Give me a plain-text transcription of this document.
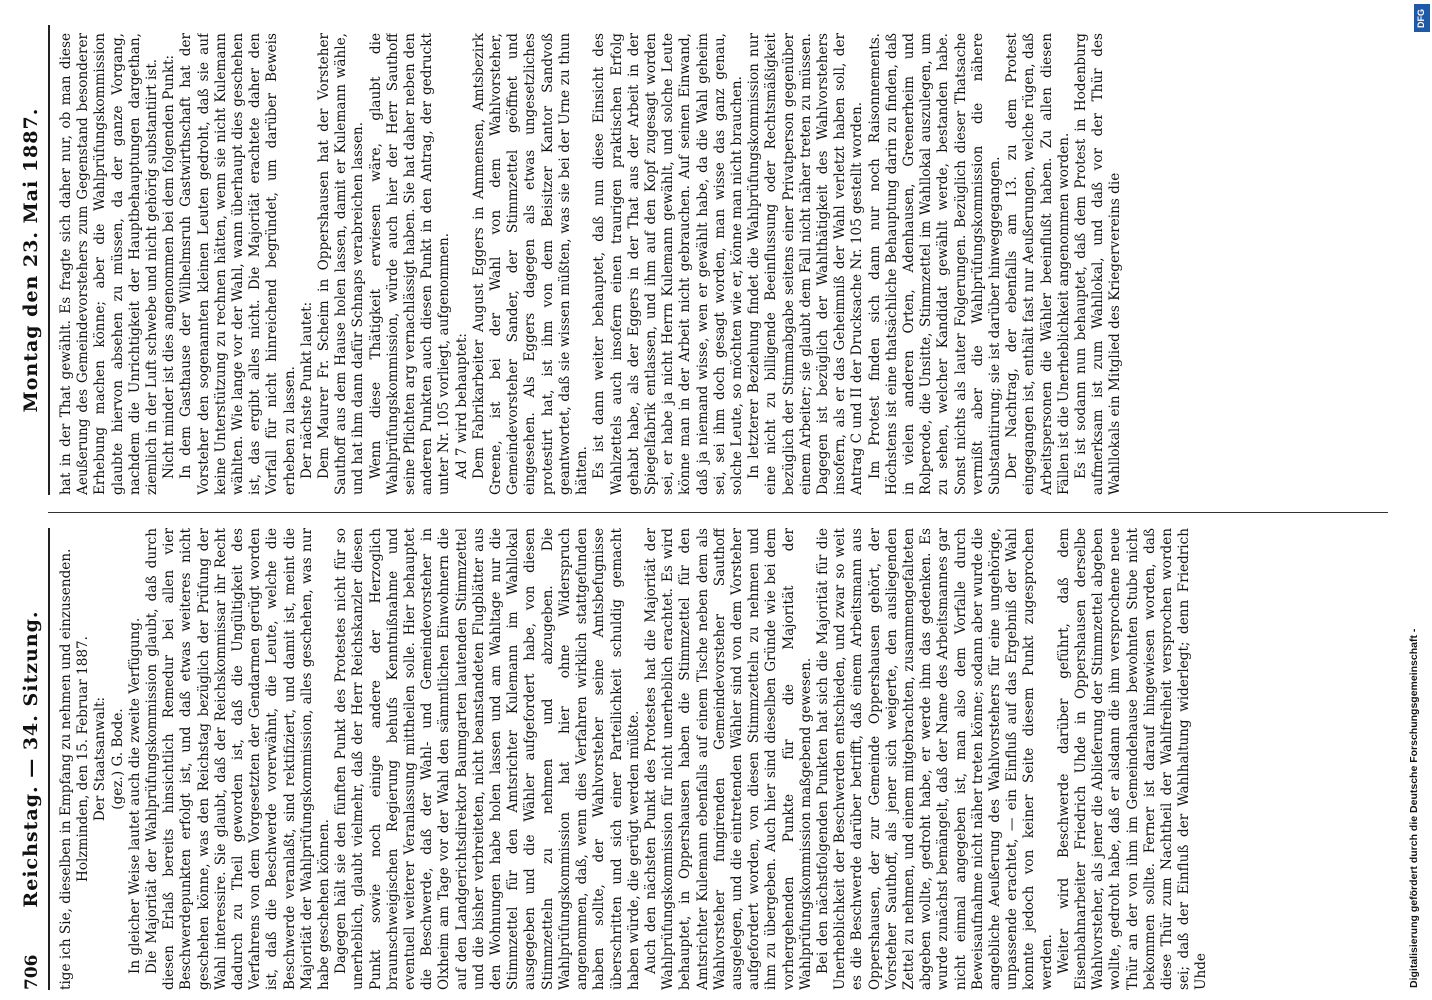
706
Reichstag. — 34. Sitzung.
Montag den 23. Mai 1887.

tige ich Sie, dieselben in Empfang zu nehmen und einzusenden. Holzminden, den 15. Februar 1887. Der Staatsanwalt: (gez.) G. Bode. In gleicher Weise lautet auch die zweite Verfügung. Die Majorität der Wahlprüfungskommission glaubt, daß durch diesen Erlaß bereits hinsichtlich Remedur bei allen vier Beschwerdepunkten erfolgt ist, und daß etwas weiteres nicht geschehen könne, was den Reichstag bezüglich der Prüfung der Wahl interessire. Sie glaubt, daß der Reichskommissar ihr Recht dadurch zu Theil geworden ist, daß die Ungültigkeit des Verfahrens von dem Vorgesetzten der Gendarmen gerügt worden ist, daß die Beschwerde vorerwähnt, die Leute, welche die Beschwerde veranlaßt, sind rektifiziert, und damit ist, meint die Majorität der Wahlprüfungskommission, alles geschehen, was nur habe geschehen können. Dagegen hält sie den fünften Punkt des Protestes nicht für so unerheblich, glaubt vielmehr, daß der Herr Reichskanzler diesen Punkt sowie noch einige andere der Herzoglich braunschweigischen Regierung behufs Kenntnißnahme und eventuell weiterer Veranlassung mittheilen solle. Hier behauptet die Beschwerde, daß der Wahl- und Gemeindevorsteher in Olxheim am Tage vor der Wahl den sämmtlichen Einwohnern die auf den Landgerichtsdirektor Baumgarten lautenden Stimmzettel und die bisher verbreiteten, nicht beanstandeten Flugblätter aus den Wohnungen habe holen lassen und am Wahltage nur die Stimmzettel für den Amtsrichter Kulemann im Wahllokal ausgegeben und die Wähler aufgefordert habe, von diesen Stimmzetteln zu nehmen und abzugeben. Die Wahlprüfungskommission hat hier ohne Widerspruch angenommen, daß, wenn dies Verfahren wirklich stattgefunden haben sollte, der Wahlvorsteher seine Amtsbefugnisse überschritten und sich einer Parteilichkeit schuldig gemacht haben würde, die gerügt werden müßte. Auch den nächsten Punkt des Protestes hat die Majorität der Wahlprüfungskommission für nicht unerheblich erachtet. Es wird behauptet, in Oppershausen haben die Stimmzettel für den Amtsrichter Kulemann ebenfalls auf einem Tische neben dem als Wahlvorsteher fungirenden Gemeindevorsteher Sauthoff ausgelegen, und die eintretenden Wähler sind von dem Vorsteher aufgefordert worden, von diesen Stimmzetteln zu nehmen und ihm zu übergeben. Auch hier sind dieselben Gründe wie bei dem vorhergehenden Punkte für die Majorität der Wahlprüfungskommission maßgebend gewesen. Bei den nächstfolgenden Punkten hat sich die Majorität für die Unerheblichkeit der Beschwerden entschieden, und zwar so weit es die Beschwerde darüber betrifft, daß einem Arbeitsmann aus Oppershausen, der zur Gemeinde Oppershausen gehört, der Vorsteher Sauthoff, als jener sich weigerte, den ausliegenden Zettel zu nehmen, und einem mitgebrachten, zusammengefalteten abgeben wollte, gedroht habe, er werde ihm das gedenken. Es wurde zunächst bemängelt, daß der Name des Arbeitsmannes gar nicht einmal angegeben ist, man also dem Vorfalle durch Beweisaufnahme nicht näher treten könne; sodann aber wurde die angebliche Aeußerung des Wahlvorstehers für eine ungehörige, unpassende erachtet, — ein Einfluß auf das Ergebniß der Wahl konnte jedoch von keiner Seite diesem Punkt zugesprochen werden. Weiter wird Beschwerde darüber geführt, daß dem Eisenbahnarbeiter Friedrich Uhde in Oppershausen derselbe Wahlvorsteher, als jener die Ablieferung der Stimmzettel abgeben wollte, gedroht habe, daß er alsdann die ihm versprochene neue Thür an der von ihm im Gemeindehause bewohnten Stube nicht bekommen sollte. Ferner ist darauf hingewiesen worden, daß diese Thür zum Nachtheil der Wahlfreiheit versprochen worden sei; daß der Einfluß der Wahlhaltung widerlegt; denn Friedrich Uhde

hat in der That gewählt. Es fragte sich daher nur, ob man diese Aeußerung des Gemeindevorstehers zum Gegenstand besonderer Erhebung machen könne; aber die Wahlprüfungskommission glaubte hiervon absehen zu müssen, da der ganze Vorgang, nachdem die Unrichtigkeit der Hauptbehauptungen dargethan, ziemlich in der Luft schwebe und nicht gehörig substantiirt ist. Nicht minder ist dies angenommen bei dem folgenden Punkt: In dem Gasthause der Wilhelmsruh Gastwirthschaft hat der Vorsteher den sogenannten kleinen Leuten gedroht, daß sie auf keine Unterstützung zu rechnen hätten, wenn sie nicht Kulemann wählten. Wie lange vor der Wahl, wann überhaupt dies geschehen ist, das ergibt alles nicht. Die Majorität erachtete daher den Vorfall für nicht hinreichend begründet, um darüber Beweis erheben zu lassen. Der nächste Punkt lautet: Dem Maurer Fr. Scheim in Oppershausen hat der Vorsteher Sauthoff aus dem Hause holen lassen, damit er Kulemann wähle, und hat ihm dann dafür Schnaps verabreichen lassen. Wenn diese Thätigkeit erwiesen wäre, glaubt die Wahlprüfungskommission, würde auch hier der Herr Sauthoff seine Pflichten arg vernachlässigt haben. Sie hat daher neben den anderen Punkten auch diesen Punkt in den Antrag, der gedruckt unter Nr. 105 vorliegt, aufgenommen. Ad 7 wird behauptet: Dem Fabrikarbeiter August Eggers in Ammensen, Amtsbezirk Greene, ist bei der Wahl von dem Wahlvorsteher, Gemeindevorsteher Sander, der Stimmzettel geöffnet und eingesehen. Als Eggers dagegen als etwas ungesetzliches protestirt hat, ist ihm von dem Beisitzer Kantor Sandvoß geantwortet, daß sie wissen müßten, was sie bei der Urne zu thun hätten. Es ist dann weiter behauptet, daß nun diese Einsicht des Wahlzettels auch insofern einen traurigen praktischen Erfolg gehabt habe, als der Eggers in der That aus der Arbeit in der Spiegelfabrik entlassen, und ihm auf den Kopf zugesagt worden sei, er habe ja nicht Herrn Kulemann gewählt, und solche Leute könne man in der Arbeit nicht gebrauchen. Auf seinen Einwand, daß ja niemand wisse, wen er gewählt habe, da die Wahl geheim sei, sei ihm doch gesagt worden, man wisse das ganz genau, solche Leute, so möchten wie er, könne man nicht brauchen. In letzterer Beziehung findet die Wahlprüfungskommission nur eine nicht zu billigende Beeinflussung oder Rechtsmäßigkeit bezüglich der Stimmabgabe seitens einer Privatperson gegenüber einem Arbeiter; sie glaubt dem Fall nicht näher treten zu müssen. Dagegen ist bezüglich der Wahlthätigkeit des Wahlvorstehers insofern, als er das Geheimniß der Wahl verletzt haben soll, der Antrag C und II der Drucksache Nr. 105 gestellt worden. Im Protest finden sich dann nur noch Raisonnements. Höchstens ist eine thatsächliche Behauptung darin zu finden, daß in vielen anderen Orten, Adenhausen, Greenerheim und Rolperode, die Unsitte, Stimmzettel im Wahllokal auszulegen, um zu sehen, welcher Kandidat gewählt werde, bestanden habe. Sonst nichts als lauter Folgerungen. Bezüglich dieser Thatsache vermißt aber die Wahlprüfungskommission die nähere Substantiirung; sie ist darüber hinweggegangen. Der Nachtrag, der ebenfalls am 13. zu dem Protest eingegangen ist, enthält fast nur Aeußerungen, welche rügen, daß Arbeitspersonen die Wähler beeinflußt haben. Zu allen diesen Fällen ist die Unerheblichkeit angenommen worden. Es ist sodann nun behauptet, daß dem Protest in Hodenburg aufmerksam ist zum Wahllokal, und daß vor der Thür des Wahllokals ein Mitglied des Kriegervereins die

Digitalisierung gefördert durch die Deutsche Forschungsgemeinschaft -
DFG
